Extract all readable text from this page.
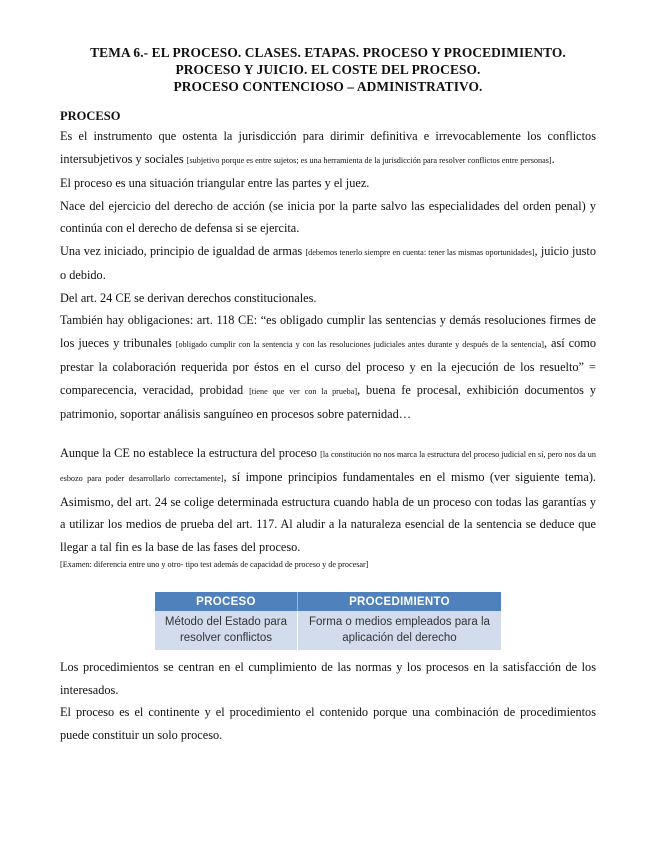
TEMA 6.- EL PROCESO. CLASES. ETAPAS. PROCESO Y PROCEDIMIENTO.
PROCESO Y JUICIO. EL COSTE DEL PROCESO.
PROCESO CONTENCIOSO – ADMINISTRATIVO.
PROCESO

Es el instrumento que ostenta la jurisdicción para dirimir definitiva e irrevocablemente los conflictos intersubjetivos y sociales [subjetivo porque es entre sujetos; es una herramienta de la jurisdicción para resolver conflictos entre personas].

El proceso es una situación triangular entre las partes y el juez.

Nace del ejercicio del derecho de acción (se inicia por la parte salvo las especialidades del orden penal) y continúa con el derecho de defensa si se ejercita.

Una vez iniciado, principio de igualdad de armas [debemos tenerlo siempre en cuenta: tener las mismas oportunidades], juicio justo o debido.

Del art. 24 CE se derivan derechos constitucionales.

También hay obligaciones: art. 118 CE: “es obligado cumplir las sentencias y demás resoluciones firmes de los jueces y tribunales [obligado cumplir con la sentencia y con las resoluciones judiciales antes durante y después de la sentencia], así como prestar la colaboración requerida por éstos en el curso del proceso y en la ejecución de los resuelto” = comparecencia, veracidad, probidad [tiene que ver con la prueba], buena fe procesal, exhibición documentos y patrimonio, soportar análisis sanguíneo en procesos sobre paternidad…

Aunque la CE no establece la estructura del proceso [la constitución no nos marca la estructura del proceso judicial en sí, pero nos da un esbozo para poder desarrollarlo correctamente], sí impone principios fundamentales en el mismo (ver siguiente tema). Asimismo, del art. 24 se colige determinada estructura cuando habla de un proceso con todas las garantías y a utilizar los medios de prueba del art. 117. Al aludir a la naturaleza esencial de la sentencia se deduce que llegar a tal fin es la base de las fases del proceso.

[Examen: diferencia entre uno y otro- tipo test además de capacidad de proceso y de procesar]

PROCESO	PROCEDIMIENTO
Método del Estado para resolver conflictos	Forma o medios empleados para la aplicación del derecho

Los procedimientos se centran en el cumplimiento de las normas y los procesos en la satisfacción de los interesados.

El proceso es el continente y el procedimiento el contenido porque una combinación de procedimientos puede constituir un solo proceso.
